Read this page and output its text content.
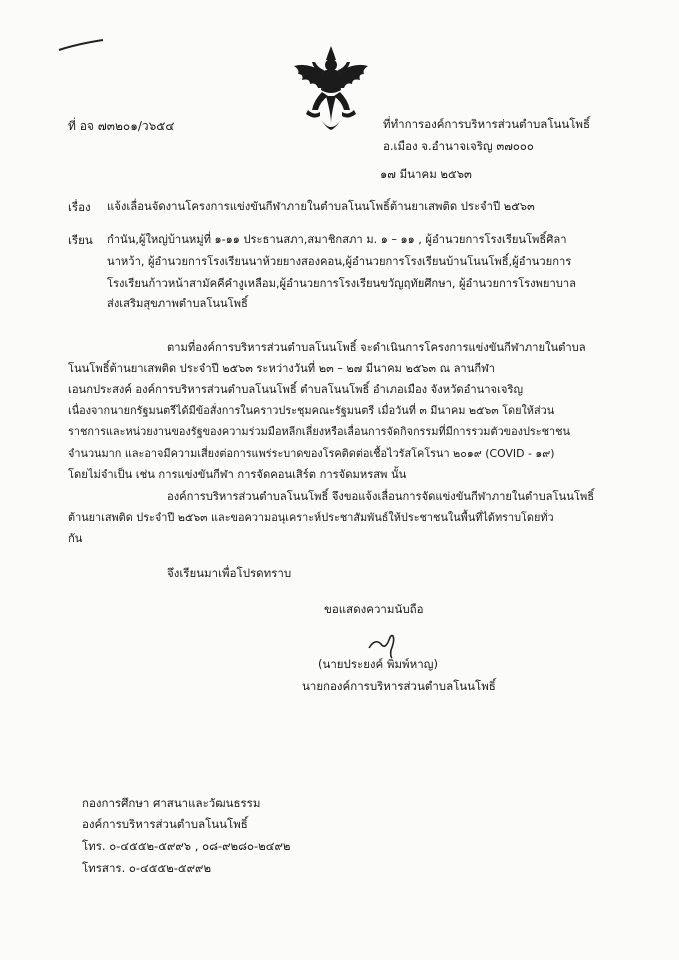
ที่ อจ ๗๓๒๐๑/ว๖๕๔	ที่ทำการองค์การบริหารส่วนตำบลโนนโพธิ์
อ.เมือง จ.อำนาจเจริญ ๓๗๐๐๐
๑๗ มีนาคม ๒๕๖๓
เรื่อง แจ้งเลื่อนจัดงานโครงการแข่งขันกีฬาภายในตำบลโนนโพธิ์ต้านยาเสพติด ประจำปี ๒๕๖๓
เรียน กำนัน,ผู้ใหญ่บ้านหมู่ที่ ๑-๑๑ ประธานสภา,สมาชิกสภา ม. ๑ – ๑๑ , ผู้อำนวยการโรงเรียนโพธิ์ศิลา
นาหว้า, ผู้อำนวยการโรงเรียนนาห้วยยางสองคอน,ผู้อำนวยการโรงเรียนบ้านโนนโพธิ์,ผู้อำนวยการ
โรงเรียนก้าวหน้าสามัคคีคำงูเหลือม,ผู้อำนวยการโรงเรียนขวัญฤทัยศึกษา, ผู้อำนวยการโรงพยาบาล
ส่งเสริมสุขภาพตำบลโนนโพธิ์
ตามที่องค์การบริหารส่วนตำบลโนนโพธิ์ จะดำเนินการโครงการแข่งขันกีฬาภายในตำบล
โนนโพธิ์ต้านยาเสพติด ประจำปี ๒๕๖๓ ระหว่างวันที่ ๒๓ – ๒๗ มีนาคม ๒๕๖๓ ณ ลานกีฬา
เอนกประสงค์ องค์การบริหารส่วนตำบลโนนโพธิ์ ตำบลโนนโพธิ์ อำเภอเมือง จังหวัดอำนาจเจริญ
เนื่องจากนายกรัฐมนตรีได้มีข้อสั่งการในคราวประชุมคณะรัฐมนตรี เมื่อวันที่ ๓ มีนาคม ๒๕๖๓ โดยให้ส่วน
ราชการและหน่วยงานของรัฐของความร่วมมือหลีกเลี่ยงหรือเลื่อนการจัดกิจกรรมที่มีการรวมตัวของประชาชน
จำนวนมาก และอาจมีความเสี่ยงต่อการแพร่ระบาดของโรคติดต่อเชื้อไวรัสโคโรนา ๒๐๑๙ (COVID - ๑๙)
โดยไม่จำเป็น เช่น การแข่งขันกีฬา การจัดคอนเสิร์ต การจัดมหรสพ นั้น
องค์การบริหารส่วนตำบลโนนโพธิ์ จึงขอแจ้งเลื่อนการจัดแข่งขันกีฬาภายในตำบลโนนโพธิ์
ต้านยาเสพติด ประจำปี ๒๕๖๓ และขอความอนุเคราะห์ประชาสัมพันธ์ให้ประชาชนในพื้นที่ได้ทราบโดยทั่ว
กัน
จึงเรียนมาเพื่อโปรดทราบ
ขอแสดงความนับถือ
(นายประยงค์ พิมพ์หาญ)
นายกองค์การบริหารส่วนตำบลโนนโพธิ์
กองการศึกษา ศาสนาและวัฒนธรรม
องค์การบริหารส่วนตำบลโนนโพธิ์
โทร. ๐-๔๕๕๒-๕๙๙๖ , ๐๘-๙๒๘๐-๒๔๙๒
โทรสาร. ๐-๔๕๕๒-๕๙๙๒
